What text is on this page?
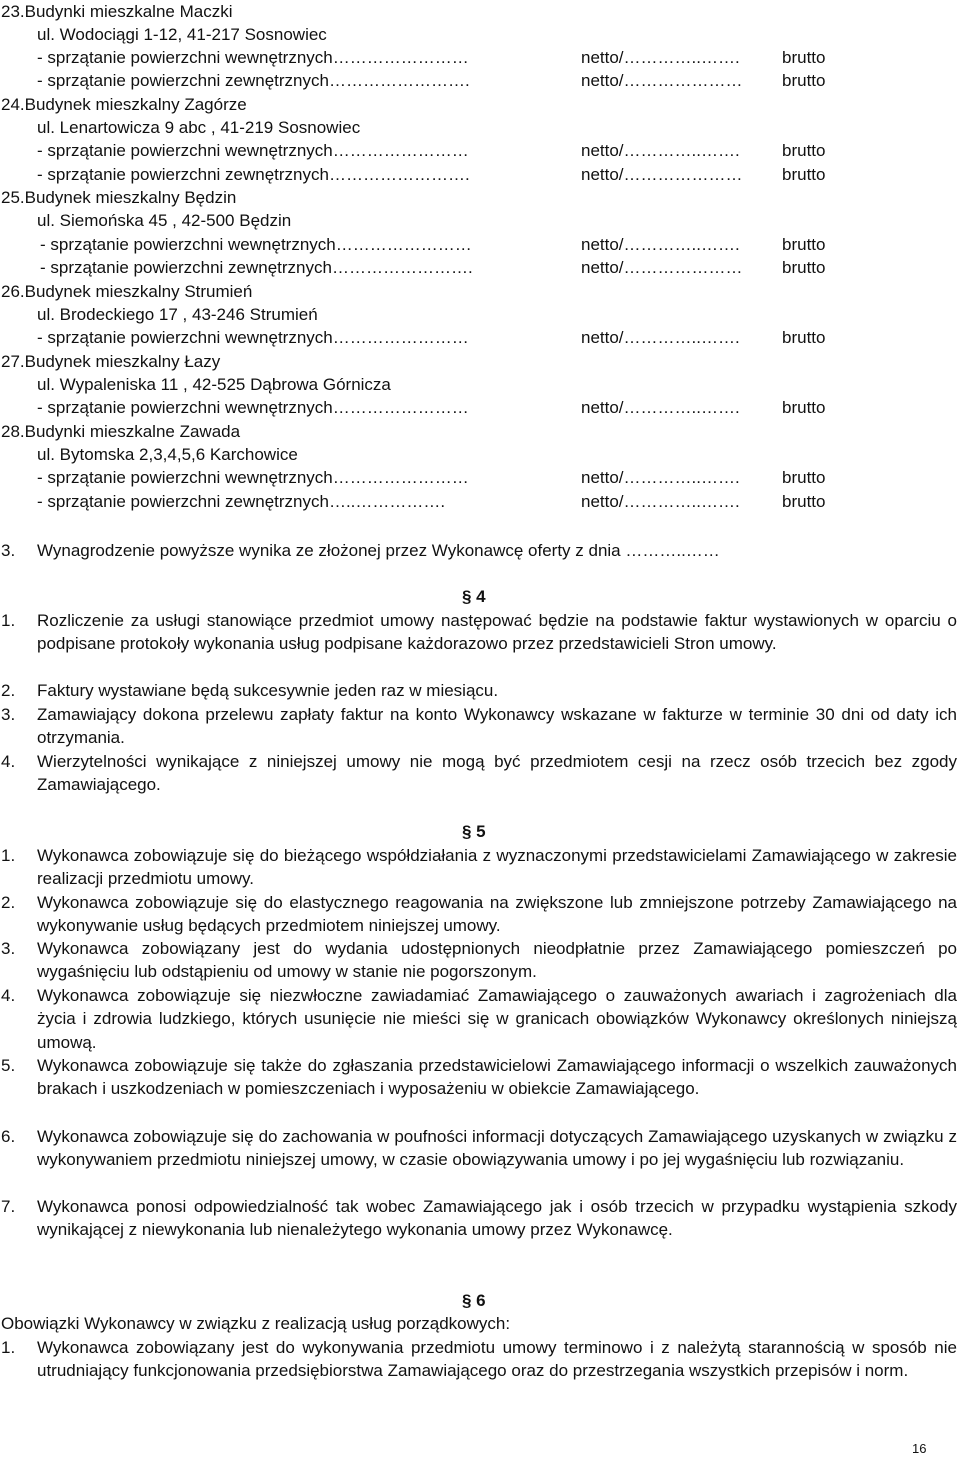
23.Budynki mieszkalne Maczki
ul. Wodociągi 1-12, 41-217 Sosnowiec
- sprzątanie powierzchni wewnętrznych……………………	netto/…………..……. brutto
- sprzątanie powierzchni zewnętrznych…………………….	netto/………………… brutto
24.Budynek mieszkalny Zagórze
ul. Lenartowicza 9 abc , 41-219 Sosnowiec
- sprzątanie powierzchni wewnętrznych……………………	netto/…………..……. brutto
- sprzątanie powierzchni zewnętrznych…………………….	netto/………………… brutto
25.Budynek mieszkalny Będzin
ul. Siemońska 45 , 42-500 Będzin
- sprzątanie powierzchni wewnętrznych……………………	netto/…………..……. brutto
- sprzątanie powierzchni zewnętrznych…………………….	netto/………………… brutto
26.Budynek mieszkalny Strumień
ul. Brodeckiego 17 , 43-246 Strumień
- sprzątanie powierzchni wewnętrznych……………………	netto/…………..……. brutto
27.Budynek mieszkalny Łazy
ul. Wypaleniska 11 , 42-525 Dąbrowa Górnicza
- sprzątanie powierzchni wewnętrznych……………………	netto/…………..……. brutto
28.Budynki mieszkalne Zawada
ul. Bytomska 2,3,4,5,6 Karchowice
- sprzątanie powierzchni wewnętrznych……………………	netto/…………..……. brutto
- sprzątanie powierzchni zewnętrznych…..…………….	netto/…………..……. brutto
3. Wynagrodzenie powyższe wynika ze złożonej przez Wykonawcę oferty z dnia ………..……
§ 4
1. Rozliczenie za usługi stanowiące przedmiot umowy następować będzie na podstawie faktur wystawionych w oparciu o podpisane protokoły wykonania usług podpisane każdorazowo przez przedstawicieli Stron umowy.
2. Faktury wystawiane będą sukcesywnie jeden raz w miesiącu.
3. Zamawiający dokona przelewu zapłaty faktur na konto Wykonawcy wskazane w fakturze w terminie 30 dni od daty ich otrzymania.
4. Wierzytelności wynikające z niniejszej umowy nie mogą być przedmiotem cesji na rzecz osób trzecich bez zgody Zamawiającego.
§ 5
1. Wykonawca zobowiązuje się do bieżącego współdziałania z wyznaczonymi przedstawicielami Zamawiającego w zakresie realizacji przedmiotu umowy.
2. Wykonawca zobowiązuje się do elastycznego reagowania na zwiększone lub zmniejszone potrzeby Zamawiającego na wykonywanie usług będących przedmiotem niniejszej umowy.
3. Wykonawca zobowiązany jest do wydania udostępnionych nieodpłatnie przez Zamawiającego pomieszczeń po wygaśnięciu lub odstąpieniu od umowy w stanie nie pogorszonym.
4. Wykonawca zobowiązuje się niezwłoczne zawiadamiać Zamawiającego o zauważonych awariach i zagrożeniach dla życia i zdrowia ludzkiego, których usunięcie nie mieści się w granicach obowiązków Wykonawcy określonych niniejszą umową.
5. Wykonawca zobowiązuje się także do zgłaszania przedstawicielowi Zamawiającego informacji o wszelkich zauważonych brakach i uszkodzeniach w pomieszczeniach i wyposażeniu w obiekcie Zamawiającego.
6. Wykonawca zobowiązuje się do zachowania w poufności informacji dotyczących Zamawiającego uzyskanych w związku z wykonywaniem przedmiotu niniejszej umowy, w czasie obowiązywania umowy i po jej wygaśnięciu lub rozwiązaniu.
7. Wykonawca ponosi odpowiedzialność tak wobec Zamawiającego jak i osób trzecich w przypadku wystąpienia szkody wynikającej z niewykonania lub nienależytego wykonania umowy przez Wykonawcę.
§ 6
Obowiązki Wykonawcy w związku z realizacją usług porządkowych:
1. Wykonawca zobowiązany jest do wykonywania przedmiotu umowy terminowo i z należytą starannością w sposób nie utrudniający funkcjonowania przedsiębiorstwa Zamawiającego oraz do przestrzegania wszystkich przepisów i norm.
16
